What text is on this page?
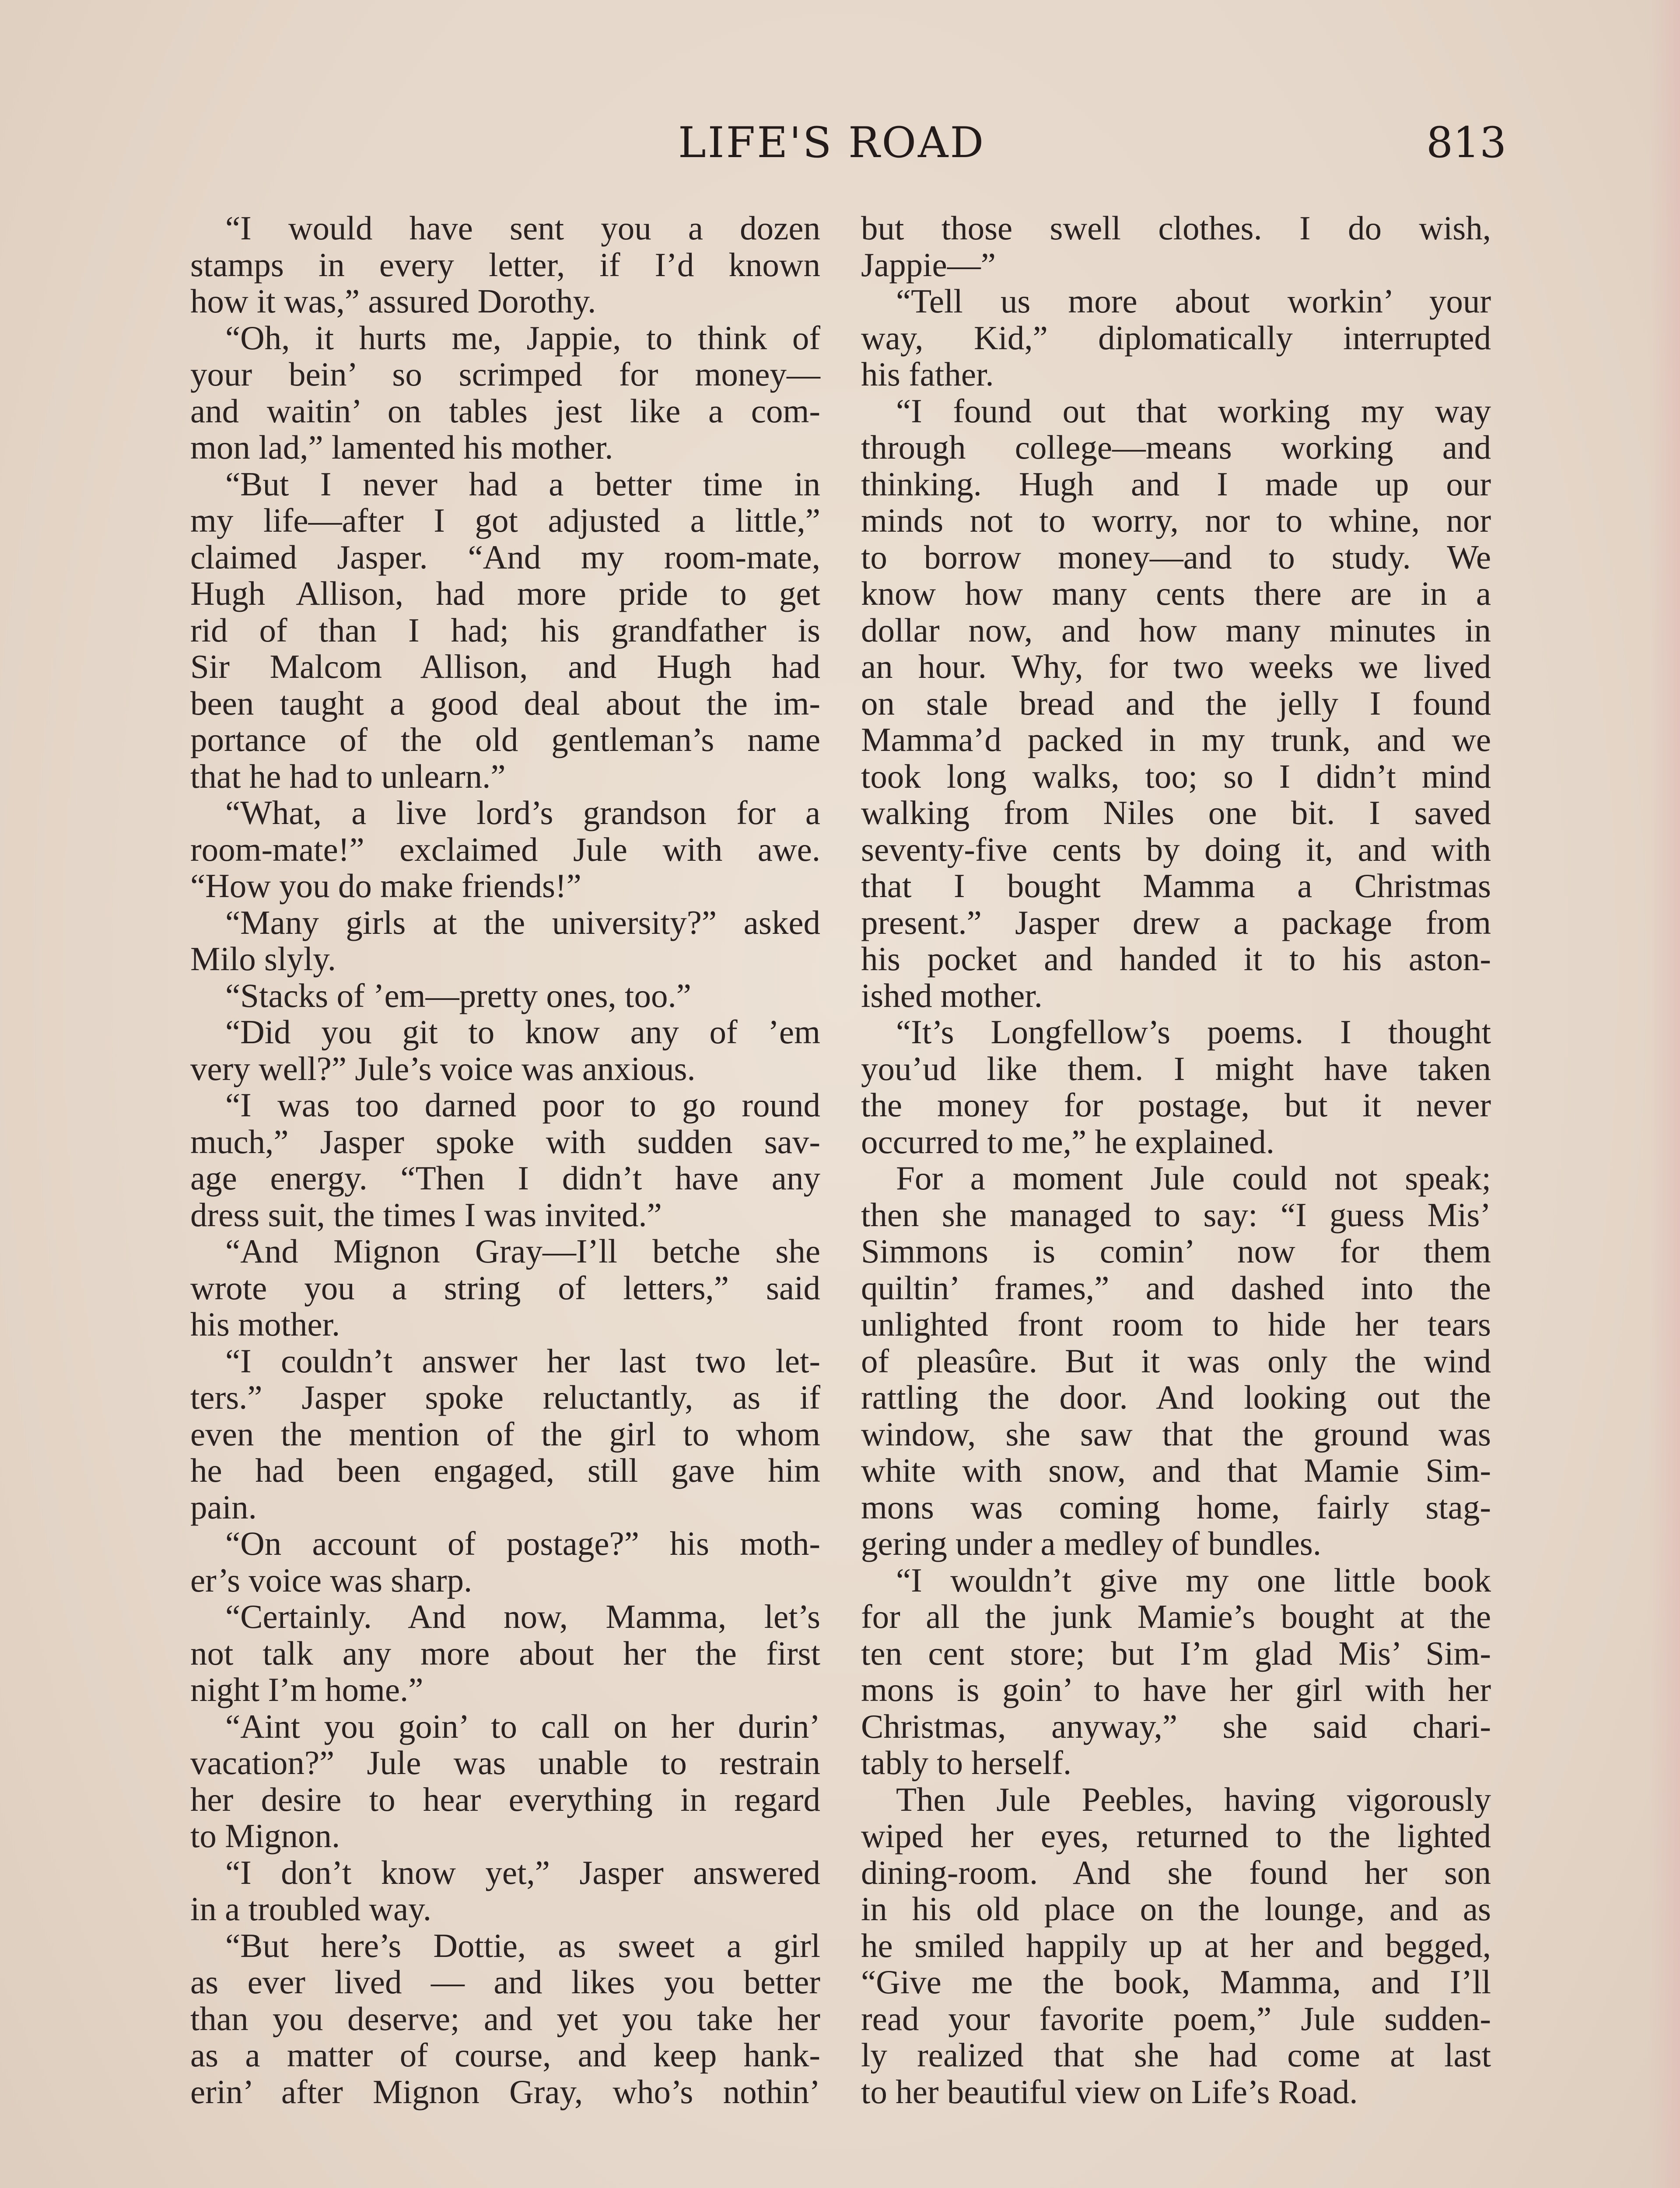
LIFE'S ROAD	813
“I would have sent you a dozen
stamps in every letter, if I’d known
how it was,” assured Dorothy.
“Oh, it hurts me, Jappie, to think of
your bein’ so scrimped for money—
and waitin’ on tables jest like a com-
mon lad,” lamented his mother.
“But I never had a better time in
my life—after I got adjusted a little,”
claimed Jasper. “And my room-mate,
Hugh Allison, had more pride to get
rid of than I had; his grandfather is
Sir Malcom Allison, and Hugh had
been taught a good deal about the im-
portance of the old gentleman’s name
that he had to unlearn.”
“What, a live lord’s grandson for a
room-mate!” exclaimed Jule with awe.
“How you do make friends!”
“Many girls at the university?” asked
Milo slyly.
“Stacks of ’em—pretty ones, too.”
“Did you git to know any of ’em
very well?” Jule’s voice was anxious.
“I was too darned poor to go round
much,” Jasper spoke with sudden sav-
age energy. “Then I didn’t have any
dress suit, the times I was invited.”
“And Mignon Gray—I’ll betche she
wrote you a string of letters,” said
his mother.
“I couldn’t answer her last two let-
ters.” Jasper spoke reluctantly, as if
even the mention of the girl to whom
he had been engaged, still gave him
pain.
“On account of postage?” his moth-
er’s voice was sharp.
“Certainly. And now, Mamma, let’s
not talk any more about her the first
night I’m home.”
“Aint you goin’ to call on her durin’
vacation?” Jule was unable to restrain
her desire to hear everything in regard
to Mignon.
“I don’t know yet,” Jasper answered
in a troubled way.
“But here’s Dottie, as sweet a girl
as ever lived — and likes you better
than you deserve; and yet you take her
as a matter of course, and keep hank-
erin’ after Mignon Gray, who’s nothin’
but those swell clothes. I do wish,
Jappie—”
“Tell us more about workin’ your
way, Kid,” diplomatically interrupted
his father.
“I found out that working my way
through college—means working and
thinking. Hugh and I made up our
minds not to worry, nor to whine, nor
to borrow money—and to study. We
know how many cents there are in a
dollar now, and how many minutes in
an hour. Why, for two weeks we lived
on stale bread and the jelly I found
Mamma’d packed in my trunk, and we
took long walks, too; so I didn’t mind
walking from Niles one bit. I saved
seventy-five cents by doing it, and with
that I bought Mamma a Christmas
present.” Jasper drew a package from
his pocket and handed it to his aston-
ished mother.
“It’s Longfellow’s poems. I thought
you’ud like them. I might have taken
the money for postage, but it never
occurred to me,” he explained.
For a moment Jule could not speak;
then she managed to say: “I guess Mis’
Simmons is comin’ now for them
quiltin’ frames,” and dashed into the
unlighted front room to hide her tears
of pleasûre. But it was only the wind
rattling the door. And looking out the
window, she saw that the ground was
white with snow, and that Mamie Sim-
mons was coming home, fairly stag-
gering under a medley of bundles.
“I wouldn’t give my one little book
for all the junk Mamie’s bought at the
ten cent store; but I’m glad Mis’ Sim-
mons is goin’ to have her girl with her
Christmas, anyway,” she said chari-
tably to herself.
Then Jule Peebles, having vigorously
wiped her eyes, returned to the lighted
dining-room. And she found her son
in his old place on the lounge, and as
he smiled happily up at her and begged,
“Give me the book, Mamma, and I’ll
read your favorite poem,” Jule sudden-
ly realized that she had come at last
to her beautiful view on Life’s Road.
